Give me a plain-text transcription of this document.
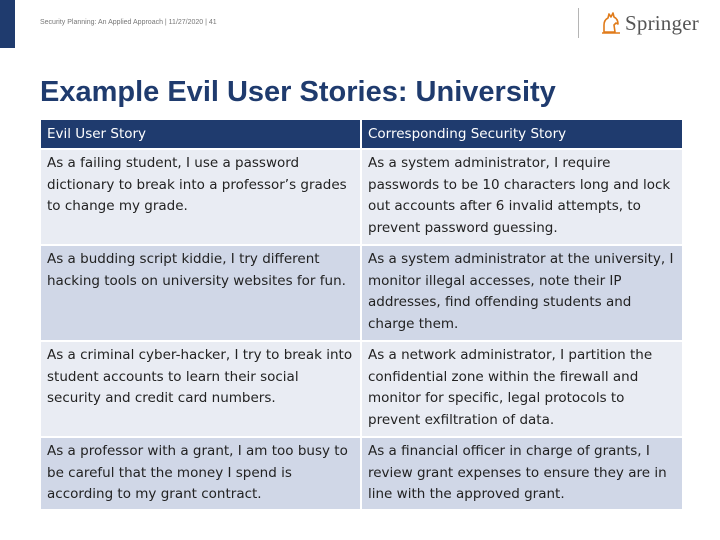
Security Planning: An Applied Approach | 11/27/2020 | 41	Springer
Example Evil User Stories: University
Evil User Story	Corresponding Security Story
As a failing student, I use a password dictionary to break into a professor’s grades to change my grade.	As a system administrator, I require passwords to be 10 characters long and lock out accounts after 6 invalid attempts, to prevent password guessing.
As a budding script kiddie, I try different hacking tools on university websites for fun.	As a system administrator at the university, I monitor illegal accesses, note their IP addresses, find offending students and charge them.
As a criminal cyber-hacker, I try to break into student accounts to learn their social security and credit card numbers.	As a network administrator, I partition the confidential zone within the firewall and monitor for specific, legal protocols to prevent exfiltration of data.
As a professor with a grant, I am too busy to be careful that the money I spend is according to my grant contract.	As a financial officer in charge of grants, I review grant expenses to ensure they are in line with the approved grant.
